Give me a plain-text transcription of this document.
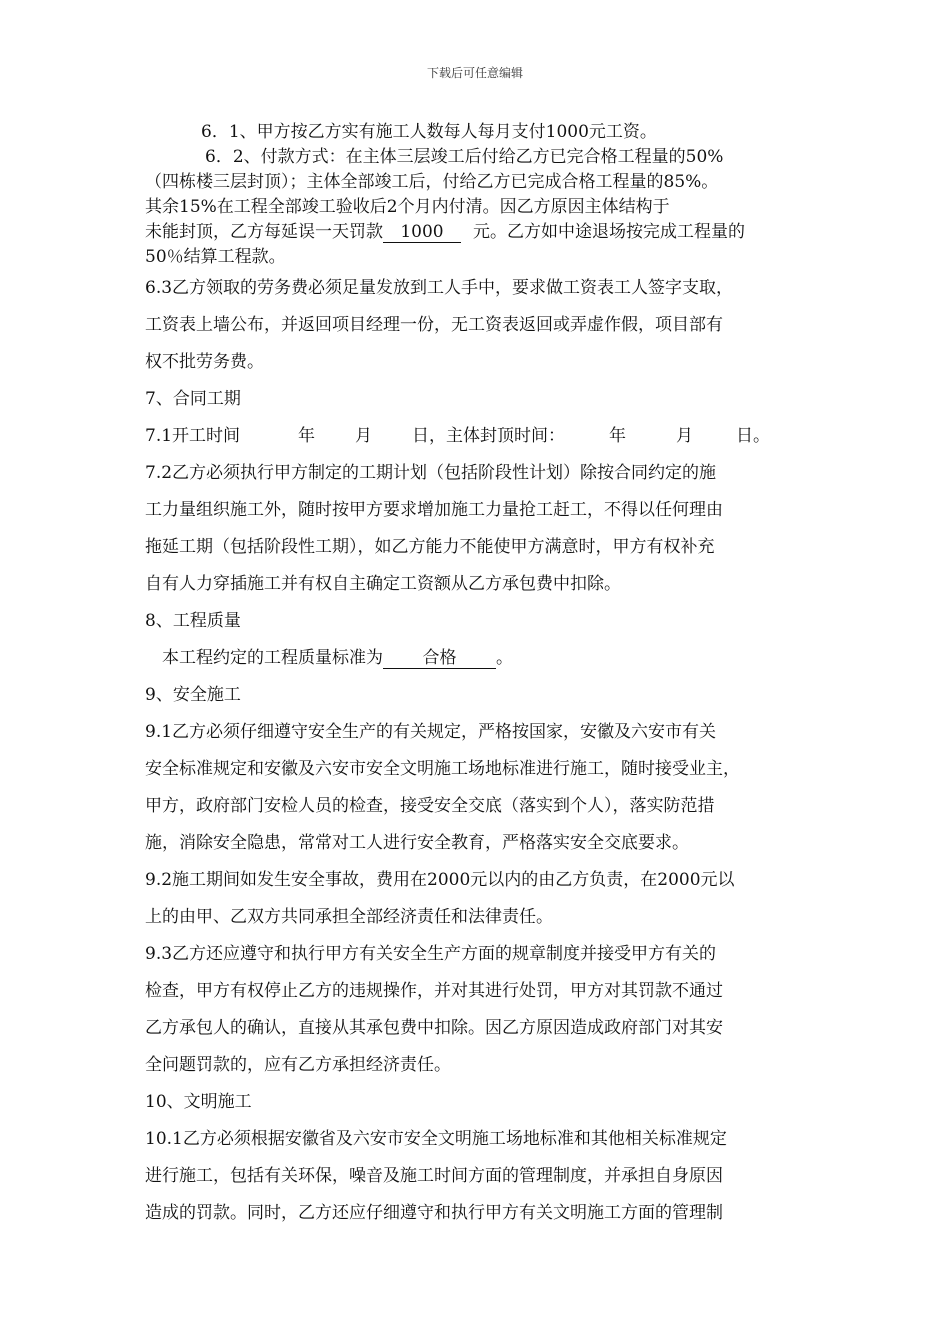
下载后可任意编辑

6．1、甲方按乙方实有施工人数每人每月支付1000元工资。

6．2、付款方式：在主体三层竣工后付给乙方已完合格工程量的50%

（四栋楼三层封顶）；主体全部竣工后，付给乙方已完成合格工程量的85%。

其余15%在工程全部竣工验收后2个月内付清。因乙方原因主体结构于

未能封顶，乙方每延误一天罚款 1000 元。乙方如中途退场按完成工程量的

50％结算工程款。

6.3乙方领取的劳务费必须足量发放到工人手中，要求做工资表工人签字支取，

工资表上墙公布，并返回项目经理一份，无工资表返回或弄虚作假，项目部有

权不批劳务费。

7、合同工期

7.1开工时间	年 月 日，主体封顶时间：	年	月	日。

7.2乙方必须执行甲方制定的工期计划（包括阶段性计划）除按合同约定的施

工力量组织施工外，随时按甲方要求增加施工力量抢工赶工，不得以任何理由

拖延工期（包括阶段性工期），如乙方能力不能使甲方满意时，甲方有权补充

自有人力穿插施工并有权自主确定工资额从乙方承包费中扣除。

8、工程质量

本工程约定的工程质量标准为 合格 。

9、安全施工

9.1乙方必须仔细遵守安全生产的有关规定，严格按国家，安徽及六安市有关

安全标准规定和安徽及六安市安全文明施工场地标准进行施工，随时接受业主，

甲方，政府部门安检人员的检查，接受安全交底（落实到个人），落实防范措

施，消除安全隐患，常常对工人进行安全教育，严格落实安全交底要求。

9.2施工期间如发生安全事故，费用在2000元以内的由乙方负责，在2000元以

上的由甲、乙双方共同承担全部经济责任和法律责任。

9.3乙方还应遵守和执行甲方有关安全生产方面的规章制度并接受甲方有关的

检查，甲方有权停止乙方的违规操作，并对其进行处罚，甲方对其罚款不通过

乙方承包人的确认，直接从其承包费中扣除。因乙方原因造成政府部门对其安

全问题罚款的，应有乙方承担经济责任。

10、文明施工

10.1乙方必须根据安徽省及六安市安全文明施工场地标准和其他相关标准规定

进行施工，包括有关环保，噪音及施工时间方面的管理制度，并承担自身原因

造成的罚款。同时，乙方还应仔细遵守和执行甲方有关文明施工方面的管理制
